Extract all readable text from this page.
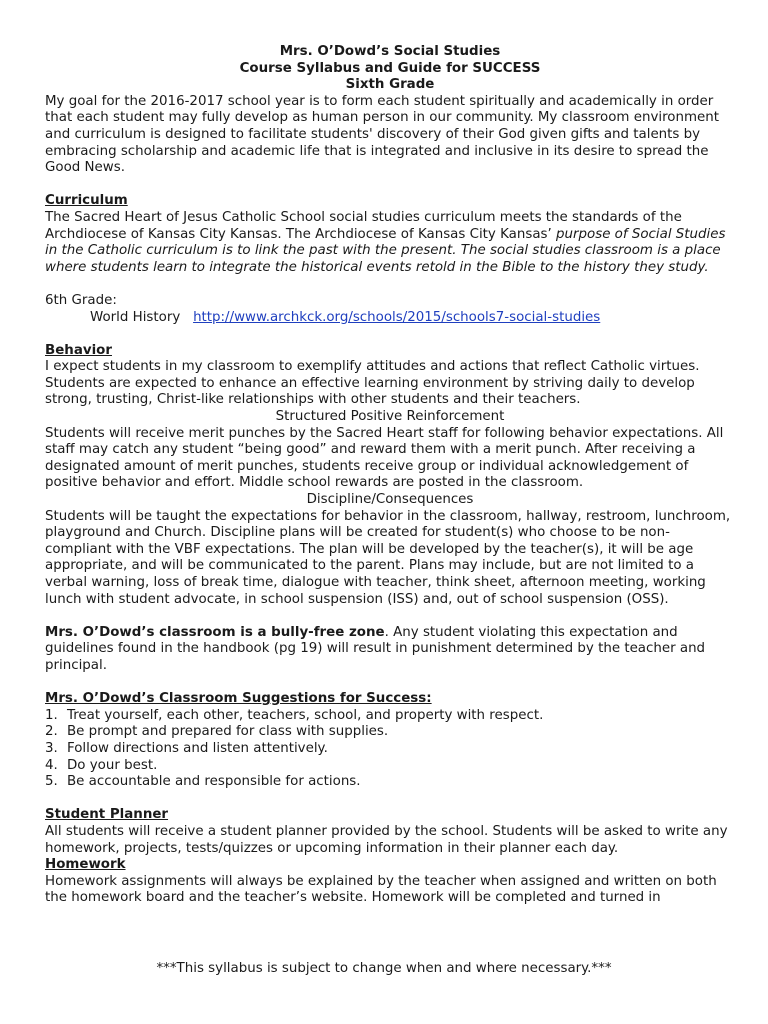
Mrs. O’Dowd’s Social Studies
Course Syllabus and Guide for SUCCESS
Sixth Grade

My goal for the 2016-2017 school year is to form each student spiritually and academically in order that each student may fully develop as human person in our community. My classroom environment and curriculum is designed to facilitate students' discovery of their God given gifts and talents by embracing scholarship and academic life that is integrated and inclusive in its desire to spread the Good News.

Curriculum

The Sacred Heart of Jesus Catholic School social studies curriculum meets the standards of the Archdiocese of Kansas City Kansas. The Archdiocese of Kansas City Kansas’ purpose of Social Studies in the Catholic curriculum is to link the past with the present. The social studies classroom is a place where students learn to integrate the historical events retold in the Bible to the history they study.

6th Grade:
World History http://www.archkck.org/schools/2015/schools7-social-studies
Behavior

I expect students in my classroom to exemplify attitudes and actions that reflect Catholic virtues. Students are expected to enhance an effective learning environment by striving daily to develop strong, trusting, Christ-like relationships with other students and their teachers.

Structured Positive Reinforcement

Students will receive merit punches by the Sacred Heart staff for following behavior expectations. All staff may catch any student “being good” and reward them with a merit punch. After receiving a designated amount of merit punches, students receive group or individual acknowledgement of positive behavior and effort. Middle school rewards are posted in the classroom.

Discipline/Consequences

Students will be taught the expectations for behavior in the classroom, hallway, restroom, lunchroom, playground and Church. Discipline plans will be created for student(s) who choose to be non-compliant with the VBF expectations. The plan will be developed by the teacher(s), it will be age appropriate, and will be communicated to the parent. Plans may include, but are not limited to a verbal warning, loss of break time, dialogue with teacher, think sheet, afternoon meeting, working lunch with student advocate, in school suspension (ISS) and, out of school suspension (OSS).

Mrs. O’Dowd’s classroom is a bully-free zone. Any student violating this expectation and guidelines found in the handbook (pg 19) will result in punishment determined by the teacher and principal.

Mrs. O’Dowd’s Classroom Suggestions for Success:
1. Treat yourself, each other, teachers, school, and property with respect.
2. Be prompt and prepared for class with supplies.
3. Follow directions and listen attentively.
4. Do your best.
5. Be accountable and responsible for actions.
Student Planner

All students will receive a student planner provided by the school. Students will be asked to write any homework, projects, tests/quizzes or upcoming information in their planner each day.

Homework

Homework assignments will always be explained by the teacher when assigned and written on both the homework board and the teacher’s website. Homework will be completed and turned in

***This syllabus is subject to change when and where necessary.***
